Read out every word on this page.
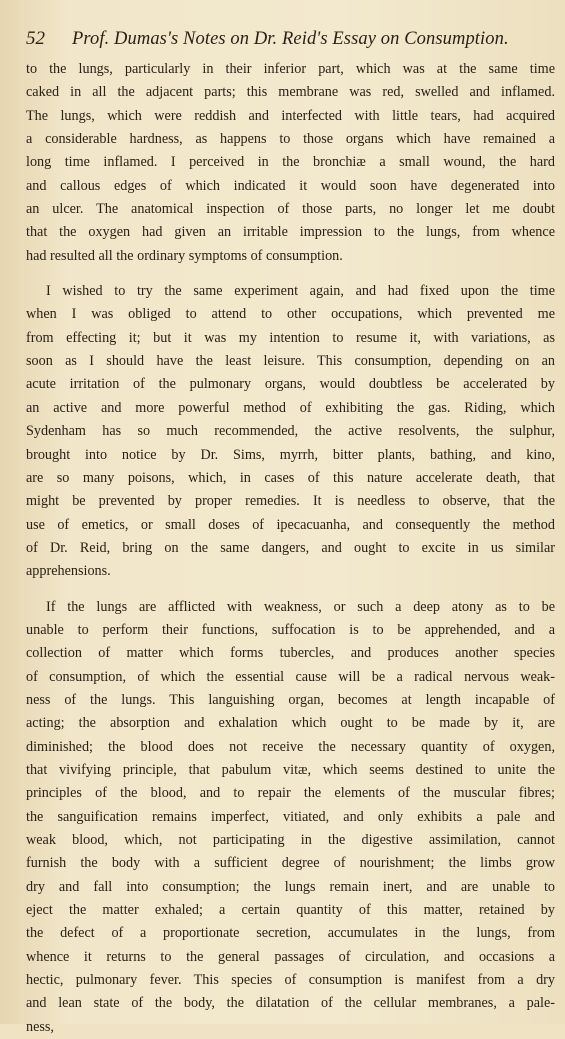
52	Prof. Dumas's Notes on Dr. Reid's Essay on Consumption.
to the lungs, particularly in their inferior part, which was at the same time
caked in all the adjacent parts; this membrane was red, swelled and inflamed.
The lungs, which were reddish and interfected with little tears, had acquired
a considerable hardness, as happens to those organs which have remained a
long time inflamed. I perceived in the bronchiæ a small wound, the hard
and callous edges of which indicated it would soon have degenerated into
an ulcer. The anatomical inspection of those parts, no longer let me doubt
that the oxygen had given an irritable impression to the lungs, from whence
had resulted all the ordinary symptoms of consumption.
I wished to try the same experiment again, and had fixed upon the time
when I was obliged to attend to other occupations, which prevented me
from effecting it; but it was my intention to resume it, with variations, as
soon as I should have the least leisure. This consumption, depending on an
acute irritation of the pulmonary organs, would doubtless be accelerated by
an active and more powerful method of exhibiting the gas. Riding, which
Sydenham has so much recommended, the active resolvents, the sulphur,
brought into notice by Dr. Sims, myrrh, bitter plants, bathing, and kino,
are so many poisons, which, in cases of this nature accelerate death, that
might be prevented by proper remedies. It is needless to observe, that the
use of emetics, or small doses of ipecacuanha, and consequently the method
of Dr. Reid, bring on the same dangers, and ought to excite in us similar
apprehensions.
If the lungs are afflicted with weakness, or such a deep atony as to be
unable to perform their functions, suffocation is to be apprehended, and a
collection of matter which forms tubercles, and produces another species
of consumption, of which the essential cause will be a radical nervous weak-
ness of the lungs. This languishing organ, becomes at length incapable of
acting; the absorption and exhalation which ought to be made by it, are
diminished; the blood does not receive the necessary quantity of oxygen,
that vivifying principle, that pabulum vitæ, which seems destined to unite the
principles of the blood, and to repair the elements of the muscular fibres;
the sanguification remains imperfect, vitiated, and only exhibits a pale and
weak blood, which, not participating in the digestive assimilation, cannot
furnish the body with a sufficient degree of nourishment; the limbs grow
dry and fall into consumption; the lungs remain inert, and are unable to
eject the matter exhaled; a certain quantity of this matter, retained by
the defect of a proportionate secretion, accumulates in the lungs, from
whence it returns to the general passages of circulation, and occasions a
hectic, pulmonary fever. This species of consumption is manifest from a dry
and lean state of the body, the dilatation of the cellular membranes, a pale-
ness,
